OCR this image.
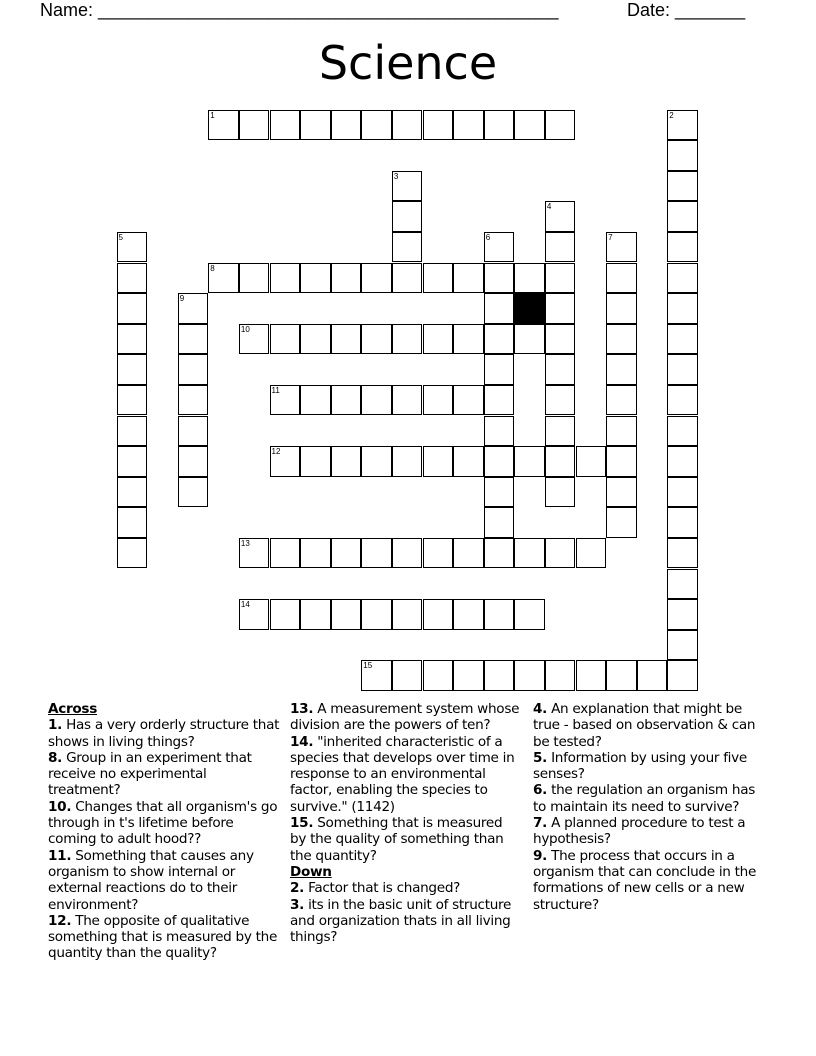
Name: ______________________________________________	Date: _______
Science
1	2
3
4
5	6	7
8
9
10
11
12
13
14
15
Across
1. Has a very orderly structure that shows in living things?
8. Group in an experiment that receive no experimental treatment?
10. Changes that all organism's go through in t's lifetime before coming to adult hood??
11. Something that causes any organism to show internal or external reactions do to their environment?
12. The opposite of qualitative something that is measured by the quantity than the quality?
13. A measurement system whose division are the powers of ten?
14. "inherited characteristic of a species that develops over time in response to an environmental factor, enabling the species to survive." (1142)
15. Something that is measured by the quality of something than the quantity?
Down
2. Factor that is changed?
3. its in the basic unit of structure and organization thats in all living things?
4. An explanation that might be true - based on observation & can be tested?
5. Information by using your five senses?
6. the regulation an organism has to maintain its need to survive?
7. A planned procedure to test a hypothesis?
9. The process that occurs in a organism that can conclude in the formations of new cells or a new structure?
